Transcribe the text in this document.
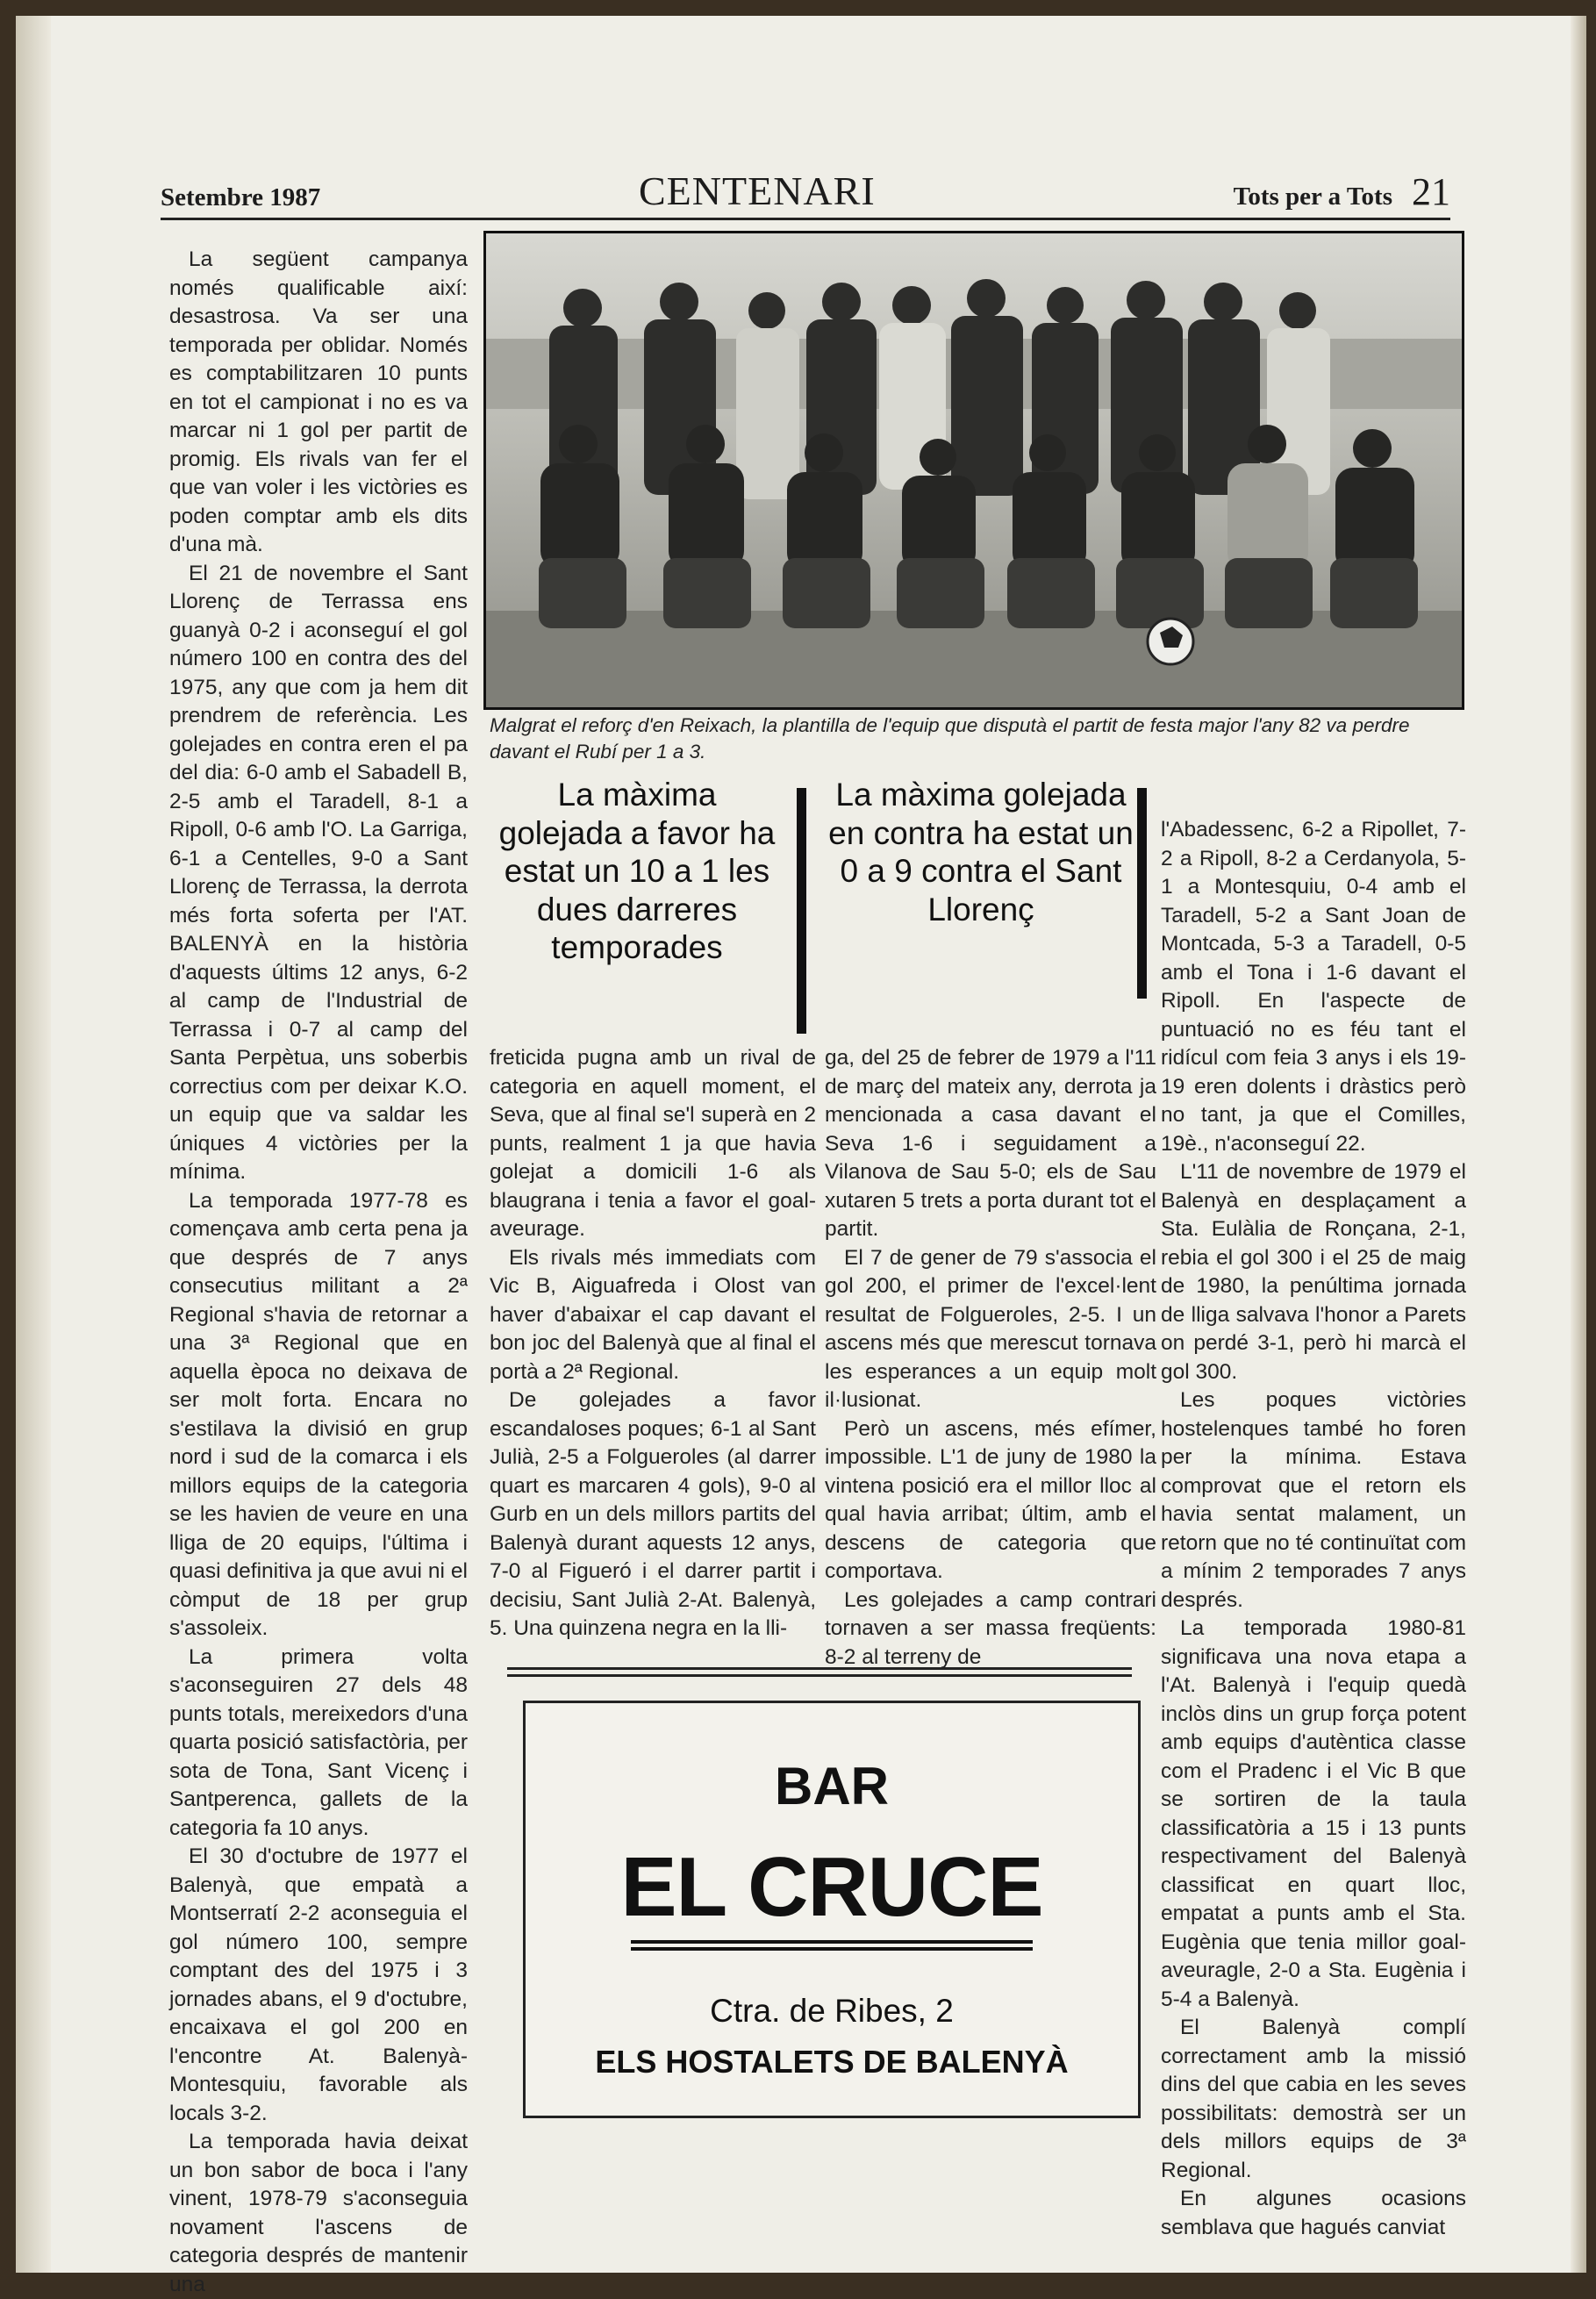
Setembre 1987	CENTENARI	Tots per a Tots 21

La següent campanya només qualificable així: desastrosa. Va ser una temporada per oblidar. Només es comptabilitzaren 10 punts en tot el campionat i no es va marcar ni 1 gol per partit de promig. Els rivals van fer el que van voler i les victòries es poden comptar amb els dits d'una mà.

El 21 de novembre el Sant Llorenç de Terrassa ens guanyà 0-2 i aconseguí el gol número 100 en contra des del 1975, any que com ja hem dit prendrem de referència. Les golejades en contra eren el pa del dia: 6-0 amb el Sabadell B, 2-5 amb el Taradell, 8-1 a Ripoll, 0-6 amb l'O. La Garriga, 6-1 a Centelles, 9-0 a Sant Llorenç de Terrassa, la derrota més forta soferta per l'AT. BALENYÀ en la història d'aquests últims 12 anys, 6-2 al camp de l'Industrial de Terrassa i 0-7 al camp del Santa Perpètua, uns soberbis correctius com per deixar K.O. un equip que va saldar les úniques 4 victòries per la mínima.

La temporada 1977-78 es començava amb certa pena ja que després de 7 anys consecutius militant a 2ª Regional s'havia de retornar a una 3ª Regional que en aquella època no deixava de ser molt forta. Encara no s'estilava la divisió en grup nord i sud de la comarca i els millors equips de la categoria se les havien de veure en una lliga de 20 equips, l'última i quasi definitiva ja que avui ni el còmput de 18 per grup s'assoleix.

La primera volta s'aconseguiren 27 dels 48 punts totals, mereixedors d'una quarta posició satisfactòria, per sota de Tona, Sant Vicenç i Santperenca, gallets de la categoria fa 10 anys.

El 30 d'octubre de 1977 el Balenyà, que empatà a Montserratí 2-2 aconseguia el gol número 100, sempre comptant des del 1975 i 3 jornades abans, el 9 d'octubre, encaixava el gol 200 en l'encontre At. Balenyà-Montesquiu, favorable als locals 3-2.

La temporada havia deixat un bon sabor de boca i l'any vinent, 1978-79 s'aconseguia novament l'ascens de categoria després de mantenir una

Malgrat el reforç d'en Reixach, la plantilla de l'equip que disputà el partit de festa major l'any 82 va perdre davant el Rubí per 1 a 3.
La màxima golejada a favor ha estat un 10 a 1 les dues darreres temporades
La màxima golejada en contra ha estat un 0 a 9 contra el Sant Llorenç

freticida pugna amb un rival de categoria en aquell moment, el Seva, que al final se'l superà en 2 punts, realment 1 ja que havia golejat a domicili 1-6 als blaugrana i tenia a favor el goal-aveurage.

Els rivals més immediats com Vic B, Aiguafreda i Olost van haver d'abaixar el cap davant el bon joc del Balenyà que al final el portà a 2ª Regional.

De golejades a favor escandaloses poques; 6-1 al Sant Julià, 2-5 a Folgueroles (al darrer quart es marcaren 4 gols), 9-0 al Gurb en un dels millors partits del Balenyà durant aquests 12 anys, 7-0 al Figueró i el darrer partit i decisiu, Sant Julià 2-At. Balenyà, 5. Una quinzena negra en la lli-

ga, del 25 de febrer de 1979 a l'11 de març del mateix any, derrota ja mencionada a casa davant el Seva 1-6 i seguidament a Vilanova de Sau 5-0; els de Sau xutaren 5 trets a porta durant tot el partit.

El 7 de gener de 79 s'associa el gol 200, el primer de l'excel·lent resultat de Folgueroles, 2-5. I un ascens més que merescut tornava les esperances a un equip molt il·lusionat.

Però un ascens, més efímer, impossible. L'1 de juny de 1980 la vintena posició era el millor lloc al qual havia arribat; últim, amb el descens de categoria que comportava.

Les golejades a camp contrari tornaven a ser massa freqüents: 8-2 al terreny de

l'Abadessenc, 6-2 a Ripollet, 7-2 a Ripoll, 8-2 a Cerdanyola, 5-1 a Montesquiu, 0-4 amb el Taradell, 5-2 a Sant Joan de Montcada, 5-3 a Taradell, 0-5 amb el Tona i 1-6 davant el Ripoll. En l'aspecte de puntuació no es féu tant el ridícul com feia 3 anys i els 19-19 eren dolents i dràstics però no tant, ja que el Comilles, 19è., n'aconseguí 22.

L'11 de novembre de 1979 el Balenyà en desplaçament a Sta. Eulàlia de Ronçana, 2-1, rebia el gol 300 i el 25 de maig de 1980, la penúltima jornada de lliga salvava l'honor a Parets on perdé 3-1, però hi marcà el gol 300.

Les poques victòries hostelenques també ho foren per la mínima. Estava comprovat que el retorn els havia sentat malament, un retorn que no té continuïtat com a mínim 2 temporades 7 anys després.

La temporada 1980-81 significava una nova etapa a l'At. Balenyà i l'equip quedà inclòs dins un grup força potent amb equips d'autèntica classe com el Pradenc i el Vic B que se sortiren de la taula classificatòria a 15 i 13 punts respectivament del Balenyà classificat en quart lloc, empatat a punts amb el Sta. Eugènia que tenia millor goal-aveuragle, 2-0 a Sta. Eugènia i 5-4 a Balenyà.

El Balenyà complí correctament amb la missió dins del que cabia en les seves possibilitats: demostrà ser un dels millors equips de 3ª Regional.

En algunes ocasions semblava que hagués canviat

BAR
EL CRUCE
Ctra. de Ribes, 2
ELS HOSTALETS DE BALENYÀ
